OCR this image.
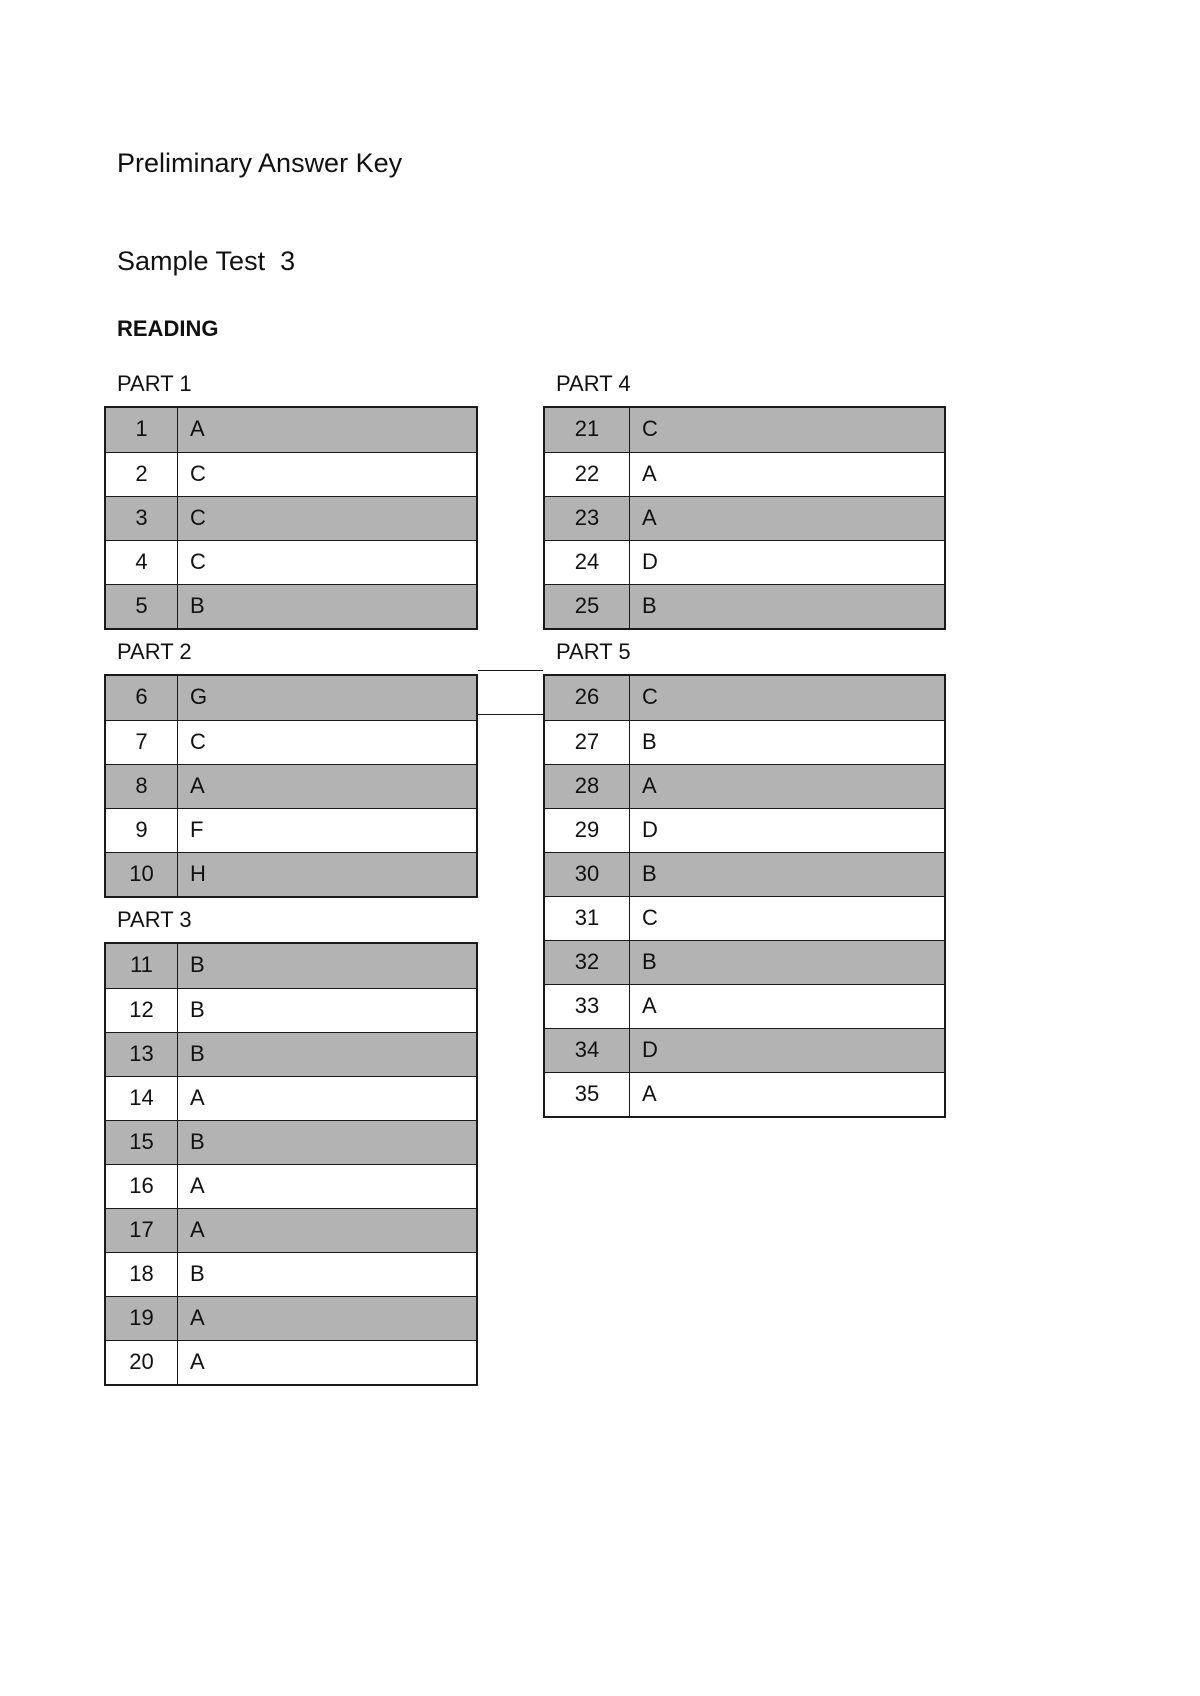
Preliminary Answer Key
Sample Test  3
READING
PART 1
1	A
2	C
3	C
4	C
5	B
PART 2
6	G
7	C
8	A
9	F
10	H
PART 3
11	B
12	B
13	B
14	A
15	B
16	A
17	A
18	B
19	A
20	A
PART 4
21	C
22	A
23	A
24	D
25	B
PART 5
26	C
27	B
28	A
29	D
30	B
31	C
32	B
33	A
34	D
35	A
